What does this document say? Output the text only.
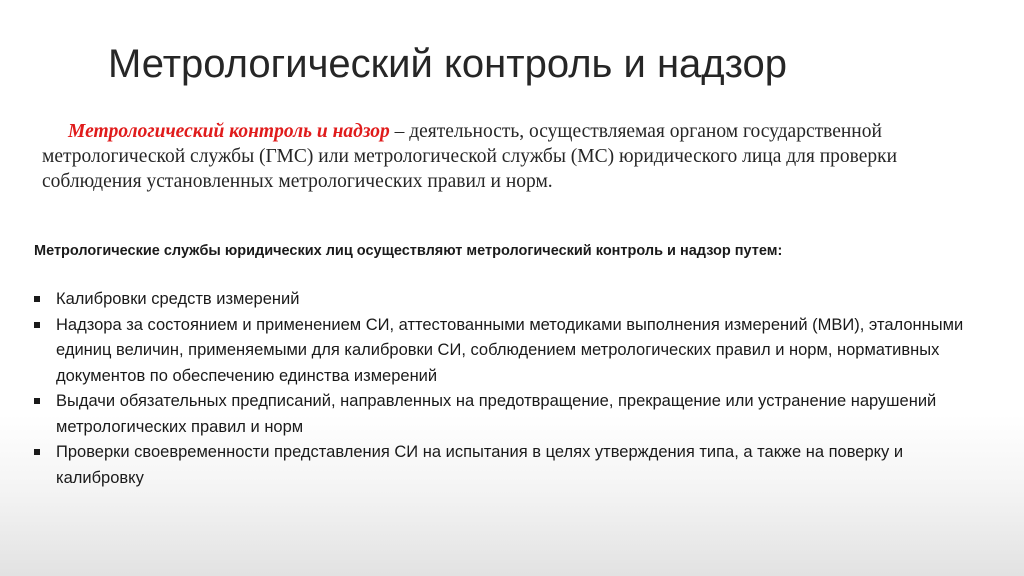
Метрологический контроль и надзор
Метрологический контроль и надзор – деятельность, осуществляемая органом государственной метрологической службы (ГМС) или метрологической службы (МС) юридического лица для проверки соблюдения установленных метрологических правил и норм.
Метрологические службы юридических лиц осуществляют метрологический контроль и надзор путем:
Калибровки средств измерений
Надзора за состоянием и применением СИ, аттестованными методиками выполнения измерений (МВИ), эталонными единиц величин, применяемыми для калибровки СИ, соблюдением метрологических правил и норм, нормативных документов по обеспечению единства измерений
Выдачи обязательных предписаний, направленных на предотвращение, прекращение или устранение нарушений метрологических правил и норм
Проверки своевременности представления СИ на испытания в целях утверждения типа, а также на поверку и калибровку
